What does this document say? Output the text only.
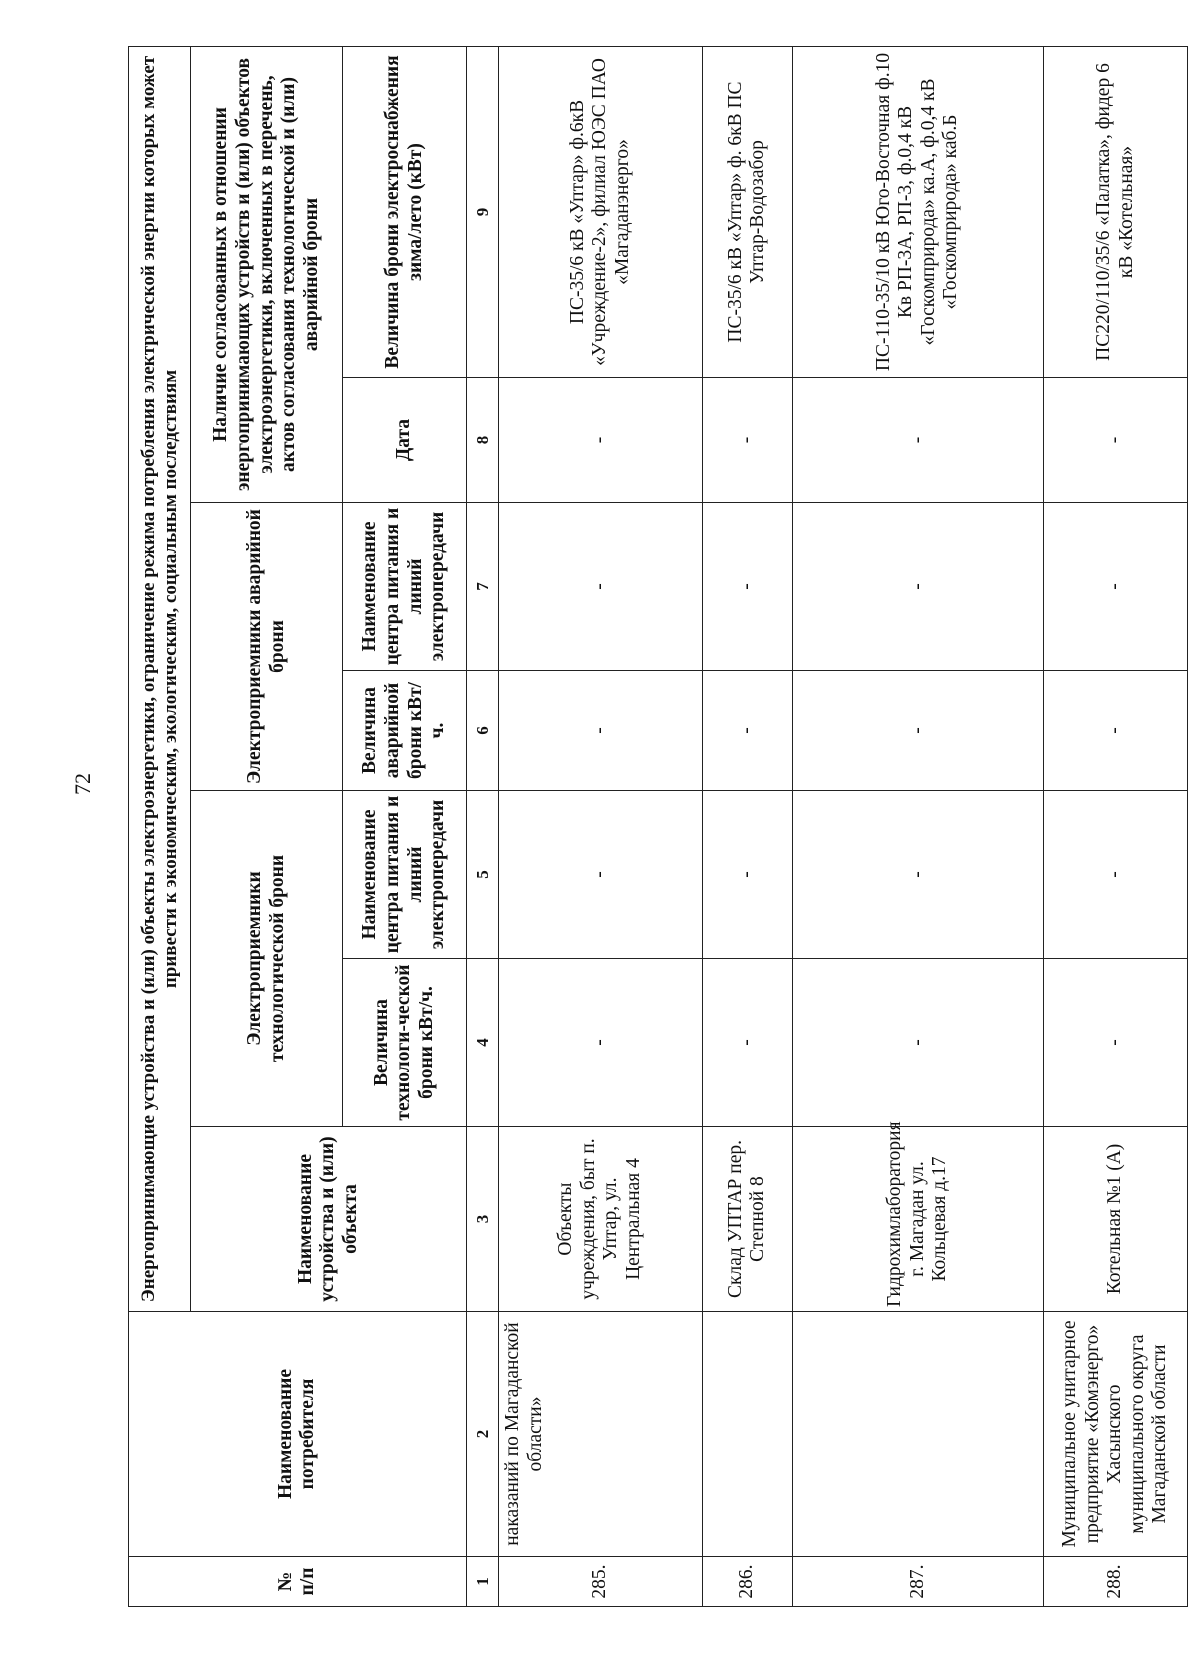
72
№ п/п	Наименование потребителя	Энергопринимающие устройства и (или) объекты электроэнергетики, ограничение режима потребления электрической энергии которых может привести к экономическим, экологическим, социальным последствиям						
		Наименование устройства и (или) объекта	Электроприемники технологической брони		Электроприемники аварийной брони		Наличие согласованных в отношении энергопринимающих устройств и (или) объектов электроэнергетики, включенных в перечень, актов согласования технологической и (или) аварийной брони	
			Величина технологи-ческой брони кВт/ч.	Наименование центра питания и линий электропередачи	Величина аварийной брони кВт/ч.	Наименование центра питания и линий электропередачи	Дата	Величина брони электроснабжения зима/лето (кВт)
1	2	3	4	5	6	7	8	9
285.	наказаний по Магаданской области»	Объекты учреждения, быт п. Уптар, ул. Центральная 4	-	-	-	-	-	ПС-35/6 кВ «Уптар» ф.6кВ «Учреждение-2», филиал ЮЭС ПАО «Магаданэнерго»
286.		Склад УПТАР пер. Степной 8	-	-	-	-	-	ПС-35/6 кВ «Уптар» ф. 6кВ ПС Уптар-Водозабор
287.		Гидрохимлаборатория г. Магадан ул. Кольцевая д.17	-	-	-	-	-	ПС-110-35/10 кВ Юго-Восточная ф.10 Кв РП-3А, РП-3, ф.0,4 кВ «Госкомприрода» ка.А, ф.0,4 кВ «Госкомприрода» каб.Б
288.	Муниципальное унитарное предприятие «Комэнерго» Хасынского муниципального округа Магаданской области	Котельная №1 (А)	-	-	-	-	-	ПС220/110/35/6 «Палатка», фидер 6 кВ «Котельная»
